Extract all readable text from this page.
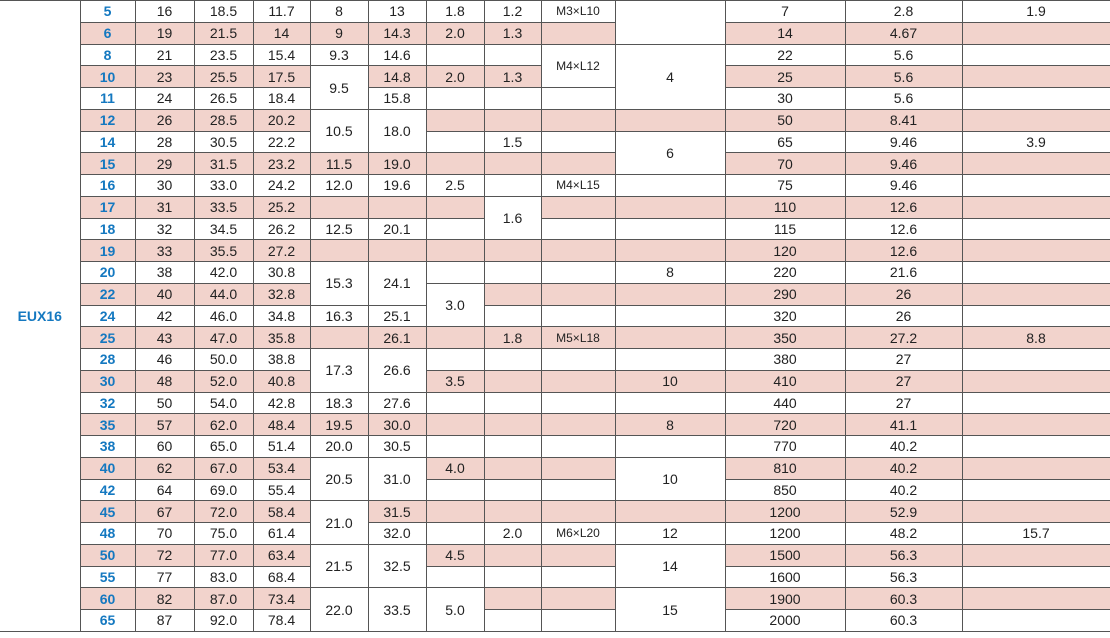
EUX16	5	16	18.5	11.7	8	13	1.8	1.2	M3×L10		7	2.8	1.9
	6	19	21.5	14	9	14.3	2.0	1.3			14	4.67	
	8	21	23.5	15.4	9.3	14.6			M4×L12	4	22	5.6	
	10	23	25.5	17.5	9.5	14.8	2.0	1.3			25	5.6	
	11	24	26.5	18.4		15.8					30	5.6	
	12	26	28.5	20.2	10.5	18.0					50	8.41	
	14	28	30.5	22.2				1.5		6	65	9.46	3.9
	15	29	31.5	23.2	11.5	19.0					70	9.46	
	16	30	33.0	24.2	12.0	19.6	2.5		M4×L15		75	9.46	
	17	31	33.5	25.2				1.6			110	12.6	
	18	32	34.5	26.2	12.5	20.1					115	12.6	
	19	33	35.5	27.2							120	12.6	
	20	38	42.0	30.8	15.3	24.1				8	220	21.6	
	22	40	44.0	32.8			3.0				290	26	
	24	42	46.0	34.8	16.3	25.1					320	26	
	25	43	47.0	35.8		26.1		1.8	M5×L18		350	27.2	8.8
	28	46	50.0	38.8	17.3	26.6					380	27	
	30	48	52.0	40.8			3.5			10	410	27	
	32	50	54.0	42.8	18.3	27.6					440	27	
	35	57	62.0	48.4	19.5	30.0				8	720	41.1	
	38	60	65.0	51.4	20.0	30.5					770	40.2	
	40	62	67.0	53.4	20.5	31.0	4.0			10	810	40.2	
	42	64	69.0	55.4							850	40.2	
	45	67	72.0	58.4	21.0	31.5					1200	52.9	
	48	70	75.0	61.4		32.0		2.0	M6×L20	12	1200	48.2	15.7
	50	72	77.0	63.4	21.5	32.5	4.5			14	1500	56.3	
	55	77	83.0	68.4							1600	56.3	
	60	82	87.0	73.4	22.0	33.5	5.0			15	1900	60.3	
	65	87	92.0	78.4							2000	60.3	
